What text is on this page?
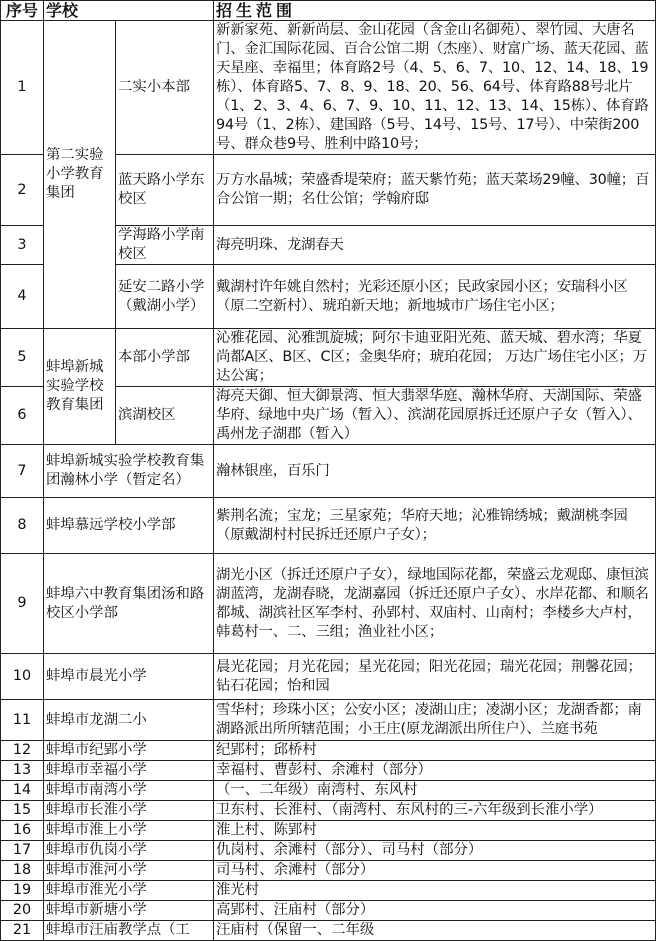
序号	学校		招生范围
1	第二实验小学教育集团	二实小本部	新新家苑、新新尚层、金山花园（含金山名御苑）、翠竹园、大唐名门、金汇国际花园、百合公馆二期（杰座）、财富广场、蓝天花园、蓝天星座、幸福里；体育路2号（4、5、6、7、10、12、14、18、19栋）、体育路5、7、8、9、18、20、56、64号、体育路88号北片（1、2、3、4、6、7、9、10、11、12、13、14、15栋）、体育路94号（1、2栋）、建国路（5号、14号、15号、17号）、中荣街200号、群众巷9号、胜利中路10号；
2		蓝天路小学东校区	万方水晶城；荣盛香堤荣府；蓝天紫竹苑；蓝天菜场29幢、30幢；百合公馆一期；名仕公馆；学翰府邸
3		学海路小学南校区	海亮明珠、龙湖春天
4		延安二路小学（戴湖小学）	戴湖村许年姚自然村；光彩还原小区；民政家园小区；安瑞科小区（原二空新村）、琥珀新天地；新地城市广场住宅小区；
5	蚌埠新城实验学校教育集团	本部小学部	沁雅花园、沁雅凯旋城；阿尔卡迪亚阳光苑、蓝天城、碧水湾；华夏尚都A区、B区、C区；金奥华府；琥珀花园； 万达广场住宅小区；万达公寓；
6		滨湖校区	海亮天御、恒大御景湾、恒大翡翠华庭、瀚林华府、天湖国际、荣盛华府、绿地中央广场（暂入）、滨湖花园原拆迁还原户子女（暂入）、禹州龙子湖郡（暂入）
7	蚌埠新城实验学校教育集团瀚林小学（暂定名）		瀚林银座，百乐门
8	蚌埠慕远学校小学部		紫荆名流；宝龙；三星家苑；华府天地；沁雅锦绣城；戴湖桃李园（原戴湖村村民拆迁还原户子女）；
9	蚌埠六中教育集团汤和路校区小学部		湖光小区（拆迁还原户子女），绿地国际花都，荣盛云龙观邸、康恒滨湖蓝湾，龙湖春晓，龙湖嘉园（拆迁还原户子女）、水岸花都、和顺名都城、湖滨社区军李村、孙郢村、双庙村、山南村；李楼乡大卢村，韩葛村一、二、三组；渔业社小区；
10	蚌埠市晨光小学		晨光花园；月光花园；星光花园；阳光花园；瑞光花园；荆馨花园；钻石花园；怡和园
11	蚌埠市龙湖二小		雪华村；珍珠小区；公安小区；凌湖山庄；凌湖小区；龙湖香都；南湖路派出所所辖范围；小王庄(原龙湖派出所住户）、兰庭书苑
12	蚌埠市纪郢小学		纪郢村；邱桥村
13	蚌埠市幸福小学		幸福村、曹彭村、余滩村（部分）
14	蚌埠市南湾小学		（一、二年级）南湾村、东风村
15	蚌埠市长淮小学		卫东村、长淮村、（南湾村、东风村的三-六年级到长淮小学）
16	蚌埠市淮上小学		淮上村、陈郢村
17	蚌埠市仇岗小学		仇岗村、余滩村（部分）、司马村（部分）
18	蚌埠市淮河小学		司马村、余滩村（部分）
19	蚌埠市淮光小学		淮光村
20	蚌埠市新塘小学		高郢村、汪庙村（部分）
21	蚌埠市汪庙教学点（工		汪庙村（保留一、二年级
